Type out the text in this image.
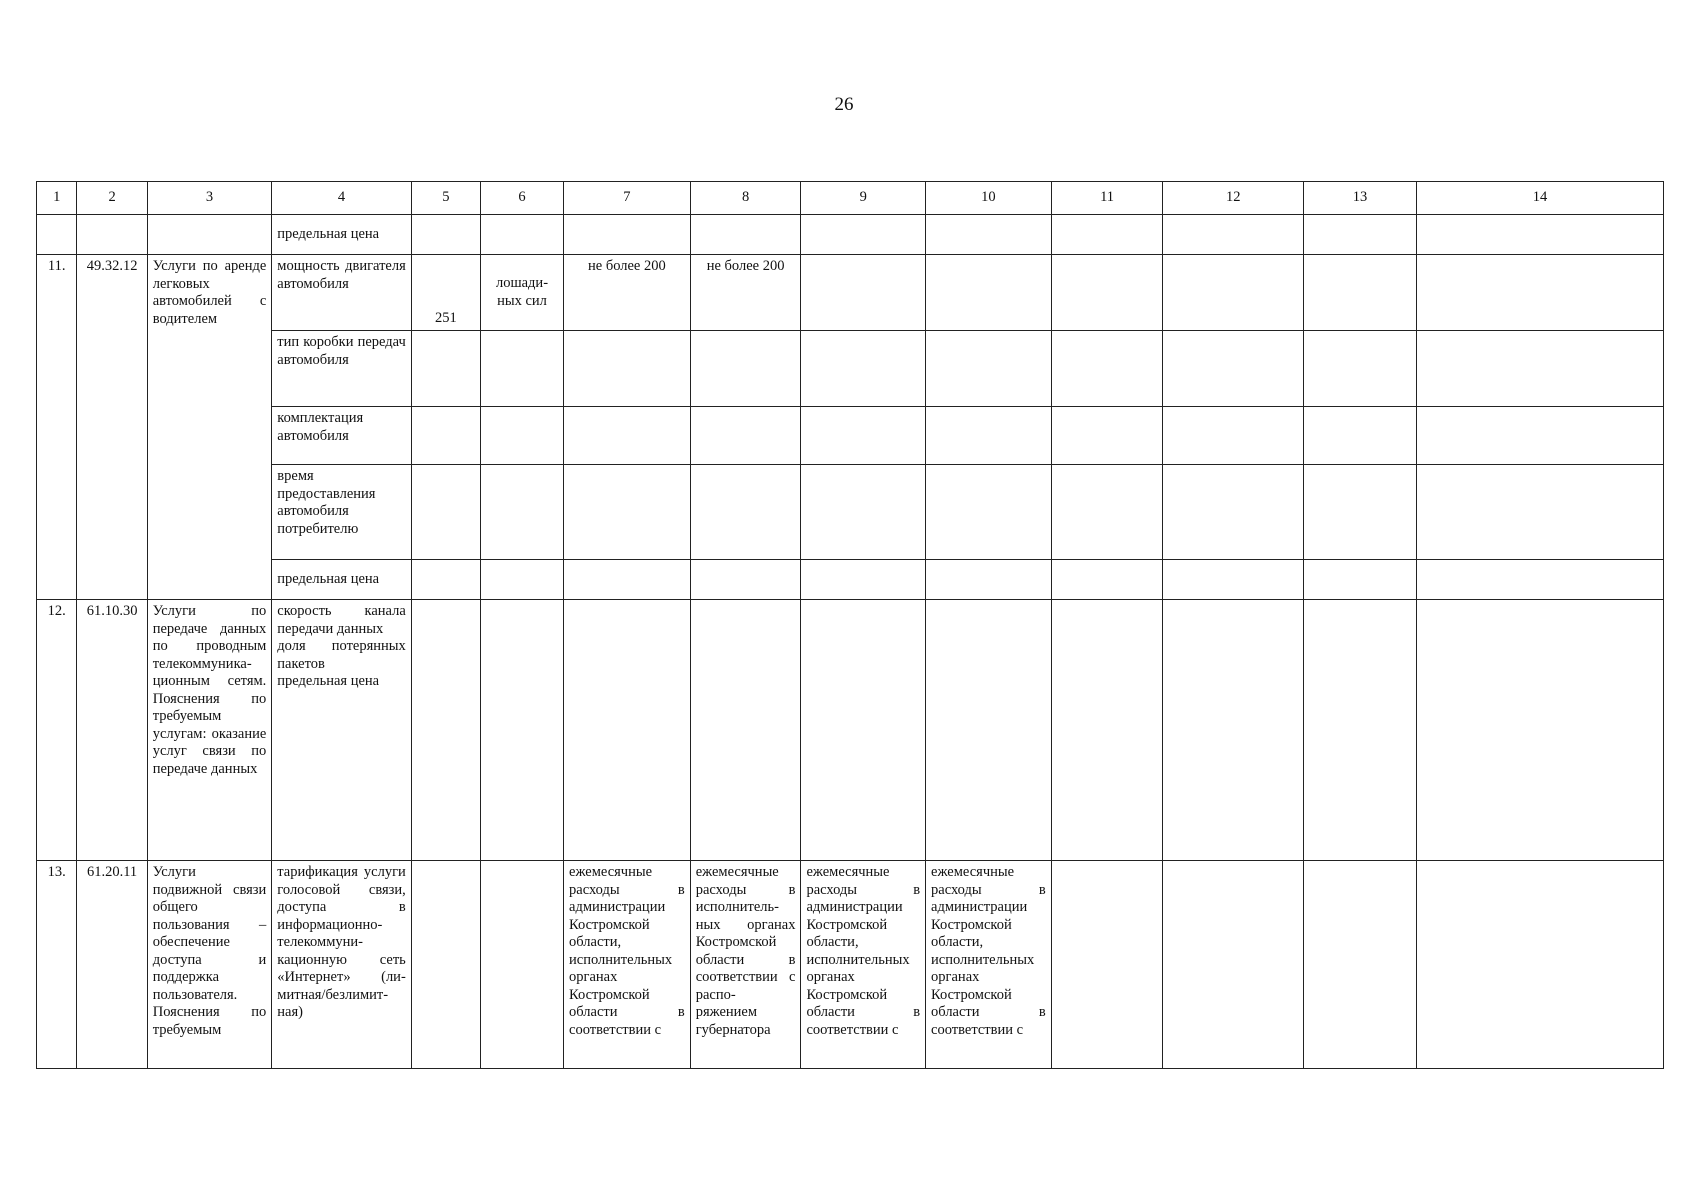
26
1	2	3	4	5	6	7	8	9	10	11	12	13	14
			предельная цена										
11.	49.32.12	Услуги по аренде легковых автомобилей с водителем	мощность двигателя автомобиля	251	лошади-ных сил	не более 200	не более 200						
			тип коробки передач автомобиля										
			комплектация автомобиля										
			время предоставления автомобиля потребителю										
			предельная цена										
12.	61.10.30	Услуги по передаче данных по проводным телекоммуника-ционным сетям. Пояснения по требуемым услугам: оказание услуг связи по передаче данных	скорость канала передачи данных
доля потерянных пакетов
предельная цена										

13.	61.20.11	Услуги подвижной связи общего пользования – обеспечение доступа и поддержка пользователя. Пояснения по требуемым	тарификация услуги голосовой связи, доступа в информационно-телекоммуни-кационную сеть «Интернет» (ли-митная/безлимит-ная)			ежемесячные расходы в администрации Костромской области, исполнительных органах Костромской области в соответствии с	ежемесячные расходы в исполнитель-ных органах Костромской области в соответствии с распо-ряжением губернатора	ежемесячные расходы в администрации Костромской области, исполнительных органах Костромской области в соответствии с	ежемесячные расходы в администрации Костромской области, исполнительных органах Костромской области в соответствии с				
